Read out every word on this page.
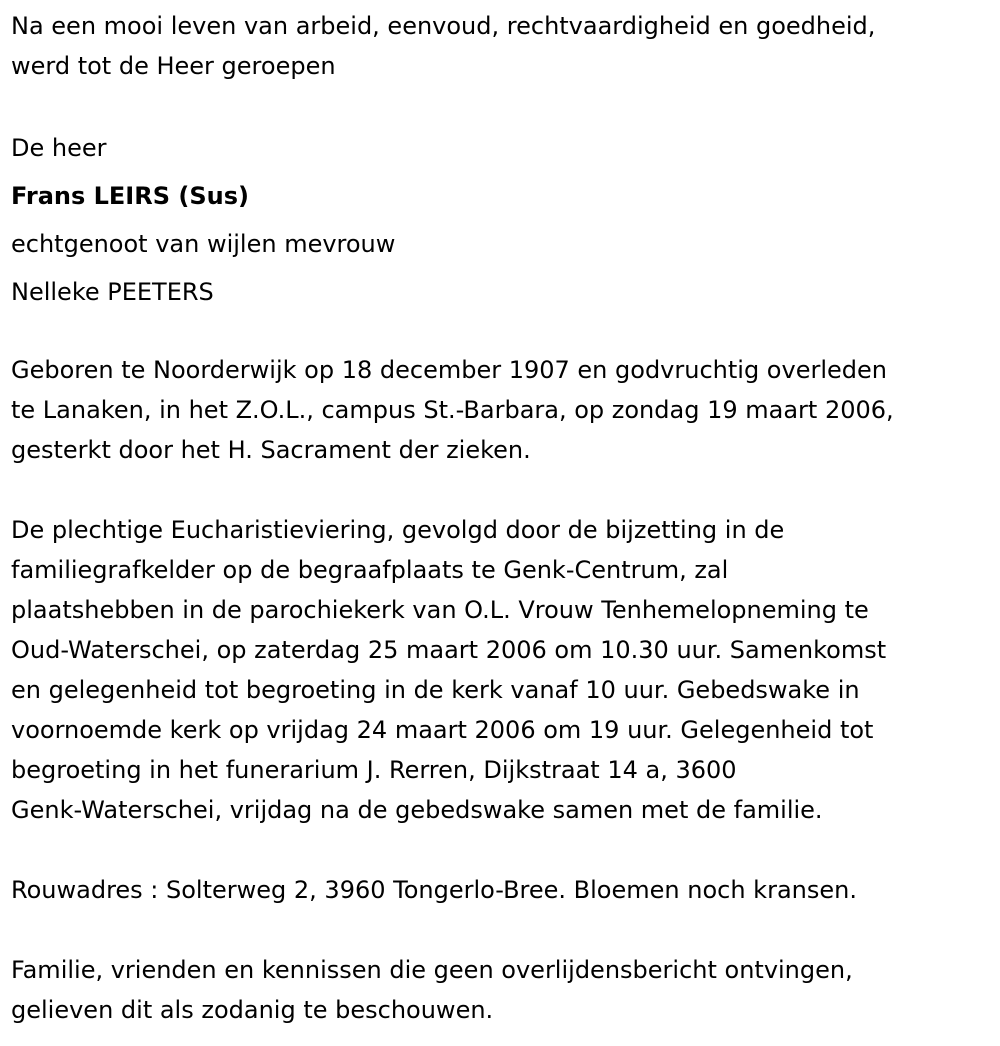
Na een mooi leven van arbeid, eenvoud, rechtvaardigheid en goedheid,
werd tot de Heer geroepen

De heer
Frans LEIRS (Sus)
echtgenoot van wijlen mevrouw
Nelleke PEETERS

Geboren te Noorderwijk op 18 december 1907 en godvruchtig overleden
te Lanaken, in het Z.O.L., campus St.-Barbara, op zondag 19 maart 2006,
gesterkt door het H. Sacrament der zieken.

De plechtige Eucharistieviering, gevolgd door de bijzetting in de
familiegrafkelder op de begraafplaats te Genk-Centrum, zal
plaatshebben in de parochiekerk van O.L. Vrouw Tenhemelopneming te
Oud-Waterschei, op zaterdag 25 maart 2006 om 10.30 uur. Samenkomst
en gelegenheid tot begroeting in de kerk vanaf 10 uur. Gebedswake in
voornoemde kerk op vrijdag 24 maart 2006 om 19 uur. Gelegenheid tot
begroeting in het funerarium J. Rerren, Dijkstraat 14 a, 3600
Genk-Waterschei, vrijdag na de gebedswake samen met de familie.

Rouwadres : Solterweg 2, 3960 Tongerlo-Bree. Bloemen noch kransen.

Familie, vrienden en kennissen die geen overlijdensbericht ontvingen,
gelieven dit als zodanig te beschouwen.
